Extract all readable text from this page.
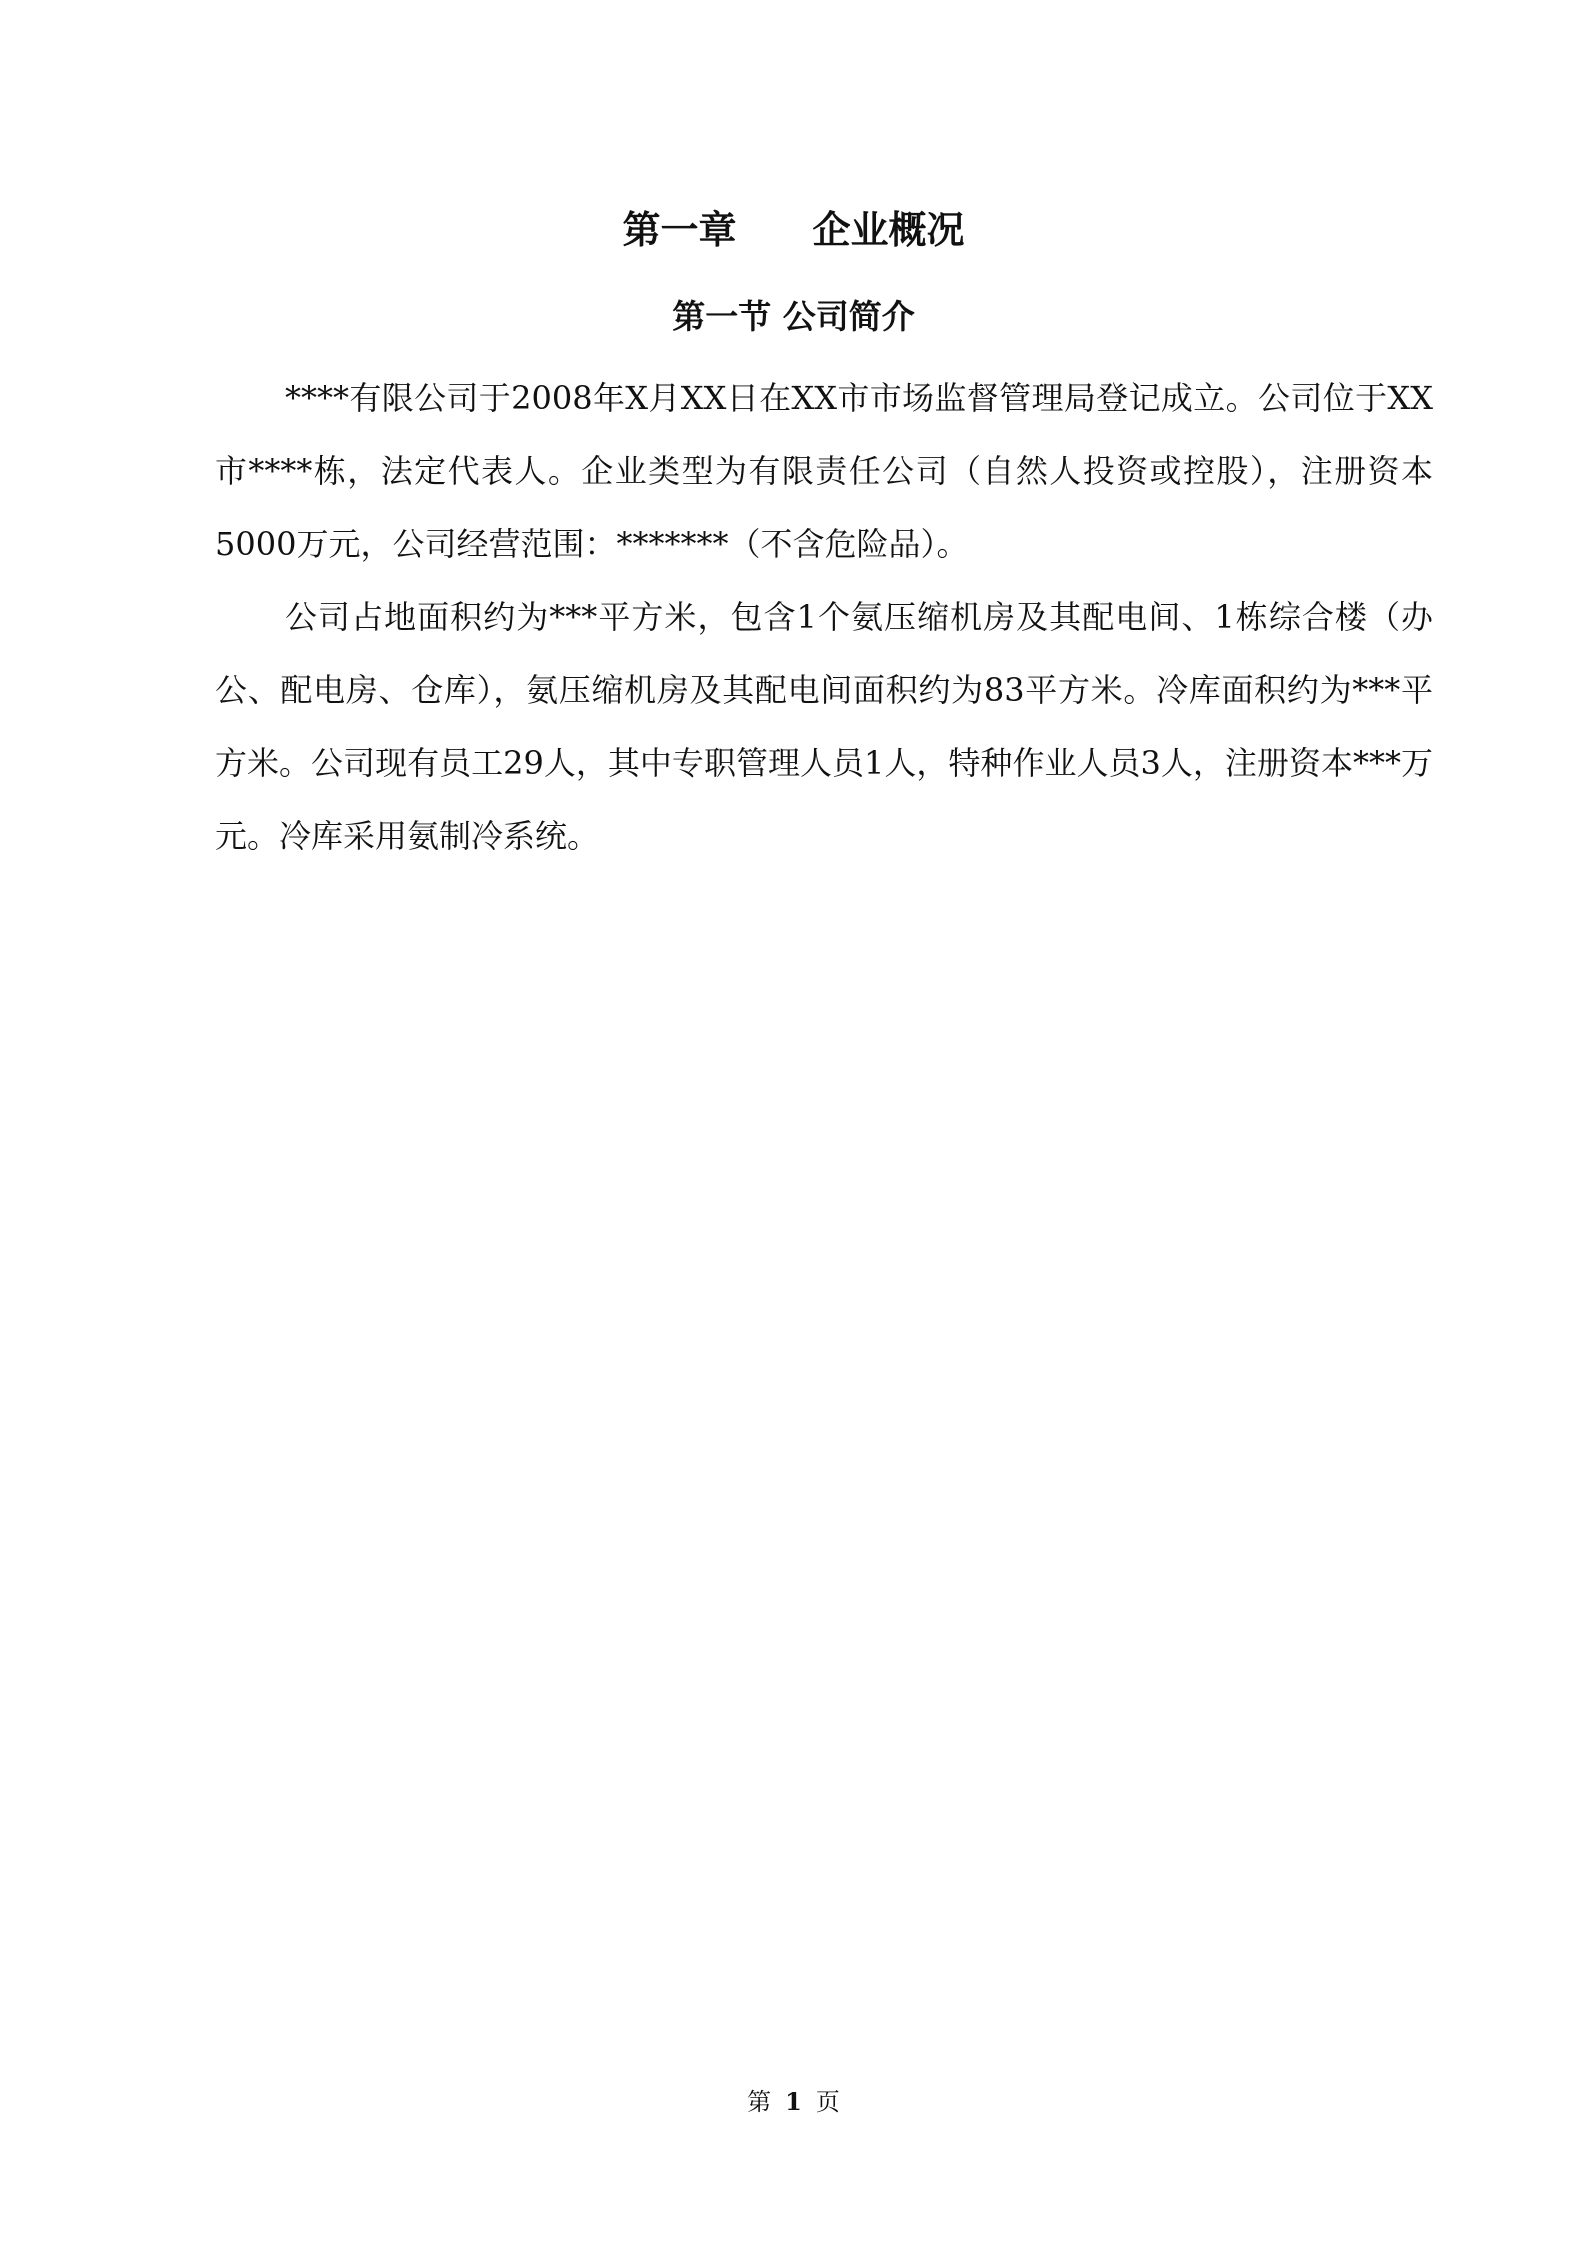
第一章　　企业概况
第一节 公司简介

****有限公司于2008年X月XX日在XX市市场监督管理局登记成立。公司位于XX市****栋，法定代表人。企业类型为有限责任公司（自然人投资或控股），注册资本5000万元，公司经营范围：*******（不含危险品）。

公司占地面积约为***平方米，包含1个氨压缩机房及其配电间、1栋综合楼（办公、配电房、仓库），氨压缩机房及其配电间面积约为83平方米。冷库面积约为***平方米。公司现有员工29人，其中专职管理人员1人，特种作业人员3人，注册资本***万元。冷库采用氨制冷系统。

第 1 页
